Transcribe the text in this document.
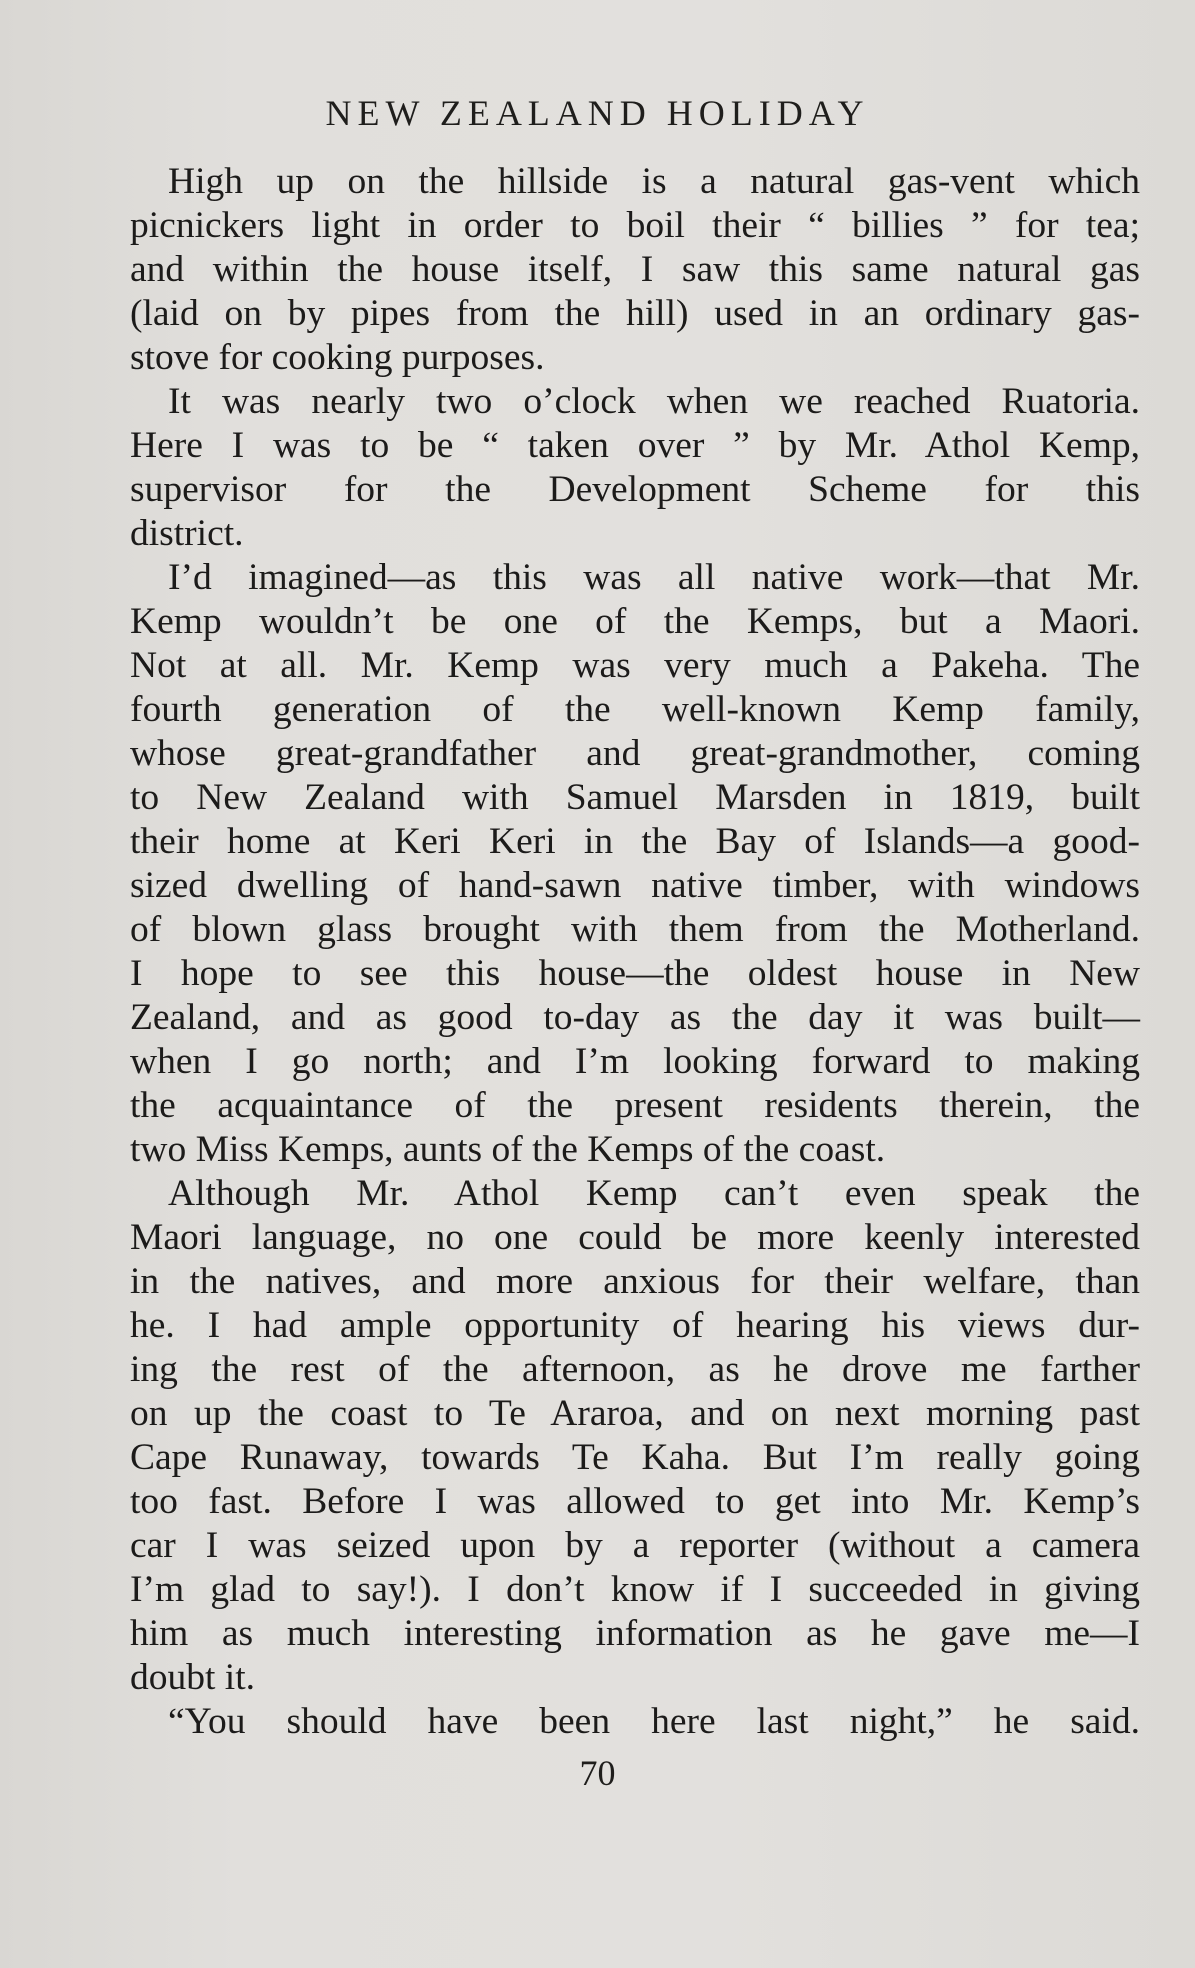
NEW ZEALAND HOLIDAY
High up on the hillside is a natural gas-vent which
picnickers light in order to boil their “ billies ” for tea;
and within the house itself, I saw this same natural gas
(laid on by pipes from the hill) used in an ordinary gas-
stove for cooking purposes.
It was nearly two o’clock when we reached Ruatoria.
Here I was to be “ taken over ” by Mr. Athol Kemp,
supervisor for the Development Scheme for this
district.
I’d imagined—as this was all native work—that Mr.
Kemp wouldn’t be one of the Kemps, but a Maori.
Not at all. Mr. Kemp was very much a Pakeha. The
fourth generation of the well-known Kemp family,
whose great-grandfather and great-grandmother, coming
to New Zealand with Samuel Marsden in 1819, built
their home at Keri Keri in the Bay of Islands—a good-
sized dwelling of hand-sawn native timber, with windows
of blown glass brought with them from the Motherland.
I hope to see this house—the oldest house in New
Zealand, and as good to-day as the day it was built—
when I go north; and I’m looking forward to making
the acquaintance of the present residents therein, the
two Miss Kemps, aunts of the Kemps of the coast.
Although Mr. Athol Kemp can’t even speak the
Maori language, no one could be more keenly interested
in the natives, and more anxious for their welfare, than
he. I had ample opportunity of hearing his views dur-
ing the rest of the afternoon, as he drove me farther
on up the coast to Te Araroa, and on next morning past
Cape Runaway, towards Te Kaha. But I’m really going
too fast. Before I was allowed to get into Mr. Kemp’s
car I was seized upon by a reporter (without a camera
I’m glad to say!). I don’t know if I succeeded in giving
him as much interesting information as he gave me—I
doubt it.
“You should have been here last night,” he said.
70
